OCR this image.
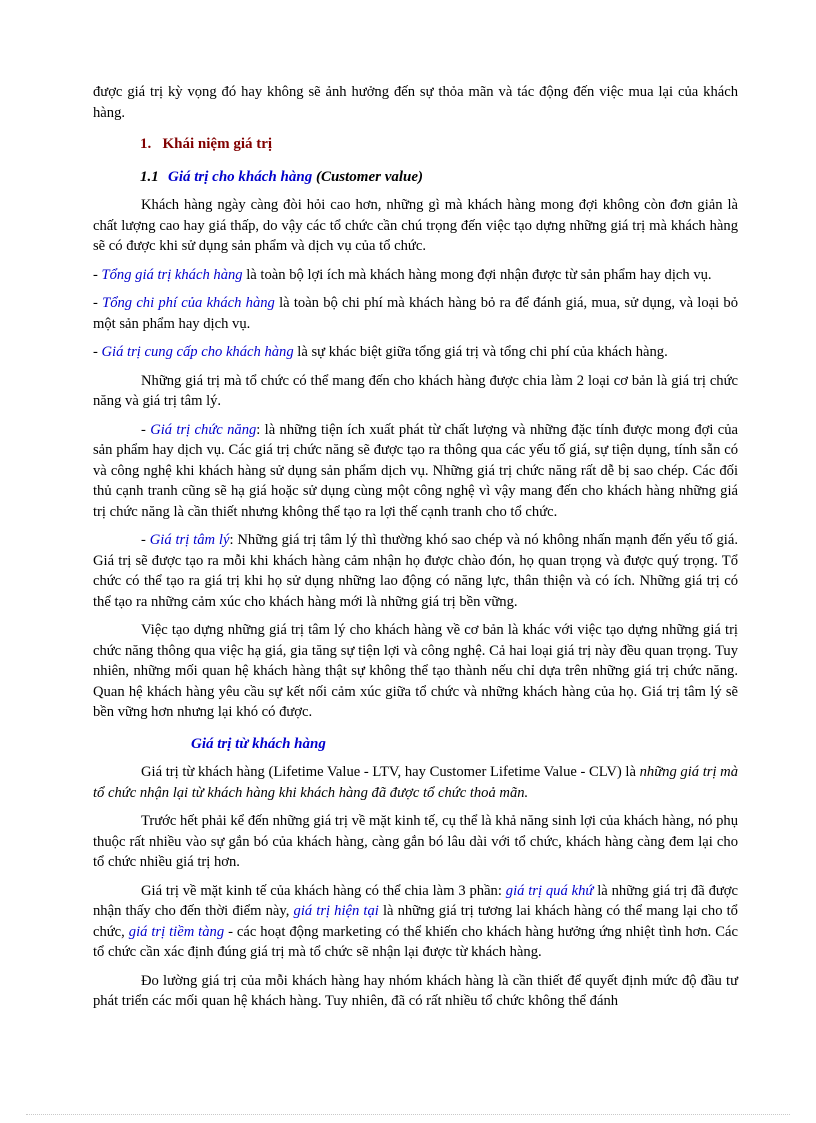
được giá trị kỳ vọng đó hay không sẽ ảnh hưởng đến sự thỏa mãn và tác động đến việc mua lại của khách hàng.

1. Khái niệm giá trị

1.1 Giá trị cho khách hàng (Customer value)

Khách hàng ngày càng đòi hỏi cao hơn, những gì mà khách hàng mong đợi không còn đơn giản là chất lượng cao hay giá thấp, do vậy các tổ chức cần chú trọng đến việc tạo dựng những giá trị mà khách hàng sẽ có được khi sử dụng sản phẩm và dịch vụ của tổ chức.

- Tổng giá trị khách hàng là toàn bộ lợi ích mà khách hàng mong đợi nhận được từ sản phẩm hay dịch vụ.

- Tổng chi phí của khách hàng là toàn bộ chi phí mà khách hàng bỏ ra để đánh giá, mua, sử dụng, và loại bỏ một sản phẩm hay dịch vụ.

- Giá trị cung cấp cho khách hàng là sự khác biệt giữa tổng giá trị và tổng chi phí của khách hàng.

Những giá trị mà tổ chức có thể mang đến cho khách hàng được chia làm 2 loại cơ bản là giá trị chức năng và giá trị tâm lý.

- Giá trị chức năng: là những tiện ích xuất phát từ chất lượng và những đặc tính được mong đợi của sản phẩm hay dịch vụ. Các giá trị chức năng sẽ được tạo ra thông qua các yếu tố giá, sự tiện dụng, tính sẵn có và công nghệ khi khách hàng sử dụng sản phẩm dịch vụ. Những giá trị chức năng rất dễ bị sao chép. Các đối thủ cạnh tranh cũng sẽ hạ giá hoặc sử dụng cùng một công nghệ vì vậy mang đến cho khách hàng những giá trị chức năng là cần thiết nhưng không thể tạo ra lợi thế cạnh tranh cho tổ chức.

- Giá trị tâm lý: Những giá trị tâm lý thì thường khó sao chép và nó không nhấn mạnh đến yếu tố giá. Giá trị sẽ được tạo ra mỗi khi khách hàng cảm nhận họ được chào đón, họ quan trọng và được quý trọng. Tổ chức có thể tạo ra giá trị khi họ sử dụng những lao động có năng lực, thân thiện và có ích. Những giá trị có thể tạo ra những cảm xúc cho khách hàng mới là những giá trị bền vững.

Việc tạo dựng những giá trị tâm lý cho khách hàng về cơ bản là khác với việc tạo dựng những giá trị chức năng thông qua việc hạ giá, gia tăng sự tiện lợi và công nghệ. Cả hai loại giá trị này đều quan trọng. Tuy nhiên, những mối quan hệ khách hàng thật sự không thể tạo thành nếu chỉ dựa trên những giá trị chức năng. Quan hệ khách hàng yêu cầu sự kết nối cảm xúc giữa tổ chức và những khách hàng của họ. Giá trị tâm lý sẽ bền vững hơn nhưng lại khó có được.

Giá trị từ khách hàng

Giá trị từ khách hàng (Lifetime Value - LTV, hay Customer Lifetime Value - CLV) là những giá trị mà tổ chức nhận lại từ khách hàng khi khách hàng đã được tổ chức thoả mãn.

Trước hết phải kể đến những giá trị về mặt kinh tế, cụ thể là khả năng sinh lợi của khách hàng, nó phụ thuộc rất nhiều vào sự gắn bó của khách hàng, càng gắn bó lâu dài với tổ chức, khách hàng càng đem lại cho tổ chức nhiều giá trị hơn.

Giá trị về mặt kinh tế của khách hàng có thể chia làm 3 phần: giá trị quá khứ là những giá trị đã được nhận thấy cho đến thời điểm này, giá trị hiện tại là những giá trị tương lai khách hàng có thể mang lại cho tổ chức, giá trị tiềm tàng - các hoạt động marketing có thể khiến cho khách hàng hưởng ứng nhiệt tình hơn. Các tổ chức cần xác định đúng giá trị mà tổ chức sẽ nhận lại được từ khách hàng.

Đo lường giá trị của mỗi khách hàng hay nhóm khách hàng là cần thiết để quyết định mức độ đầu tư phát triển các mối quan hệ khách hàng. Tuy nhiên, đã có rất nhiều tổ chức không thể đánh
